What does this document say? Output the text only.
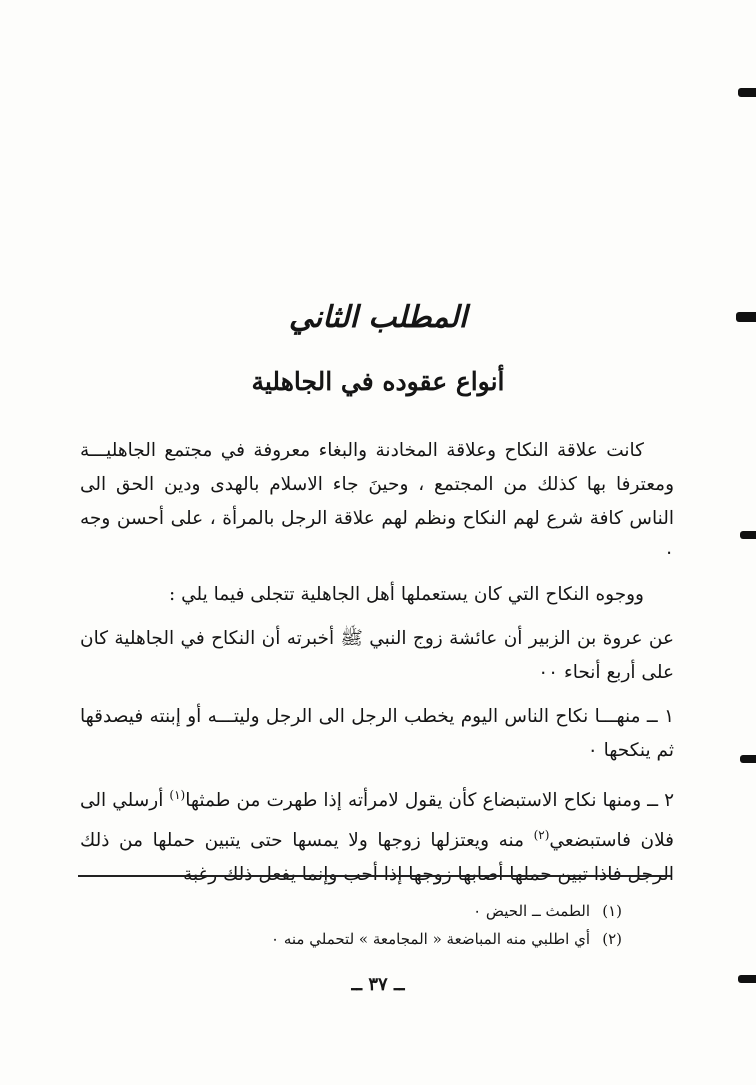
المطلب الثاني
أنواع عقوده في الجاهلية

كانت علاقة النكاح وعلاقة المخادنة والبغاء معروفة في مجتمع الجاهليـــة ومعترفا بها كذلك من المجتمع ، وحينَ جاء الاسلام بالهدى ودين الحق الى الناس كافة شرع لهم النكاح ونظم لهم علاقة الرجل بالمرأة ، على أحسن وجه ٠

ووجوه النكاح التي كان يستعملها أهل الجاهلية تتجلى فيما يلي :

عن عروة بن الزبير أن عائشة زوج النبي ﷺ أخبرته أن النكاح في الجاهلية كان على أربع أنحاء ٠٠

١ ــ منهـــا نكاح الناس اليوم يخطب الرجل الى الرجل وليتـــه أو إبنته فيصدقها ثم ينكحها ٠

٢ ــ ومنها نكاح الاستبضاع كأن يقول لامرأته إذا طهرت من طمثها$^{(١)}$ أرسلي الى فلان فاستبضعي$^{(٢)}$ منه ويعتزلها زوجها ولا يمسها حتى يتبين حملها من ذلك الرجل فاذا تبين حملها أصابها زوجها إذا أحب وإنما يفعل ذلك رغبة

(١)
الطمث ــ الحيض ٠
(٢)
أي اطلبي منه المباضعة « المجامعة » لتحملي منه ٠
ــ ٣٧ ــ
